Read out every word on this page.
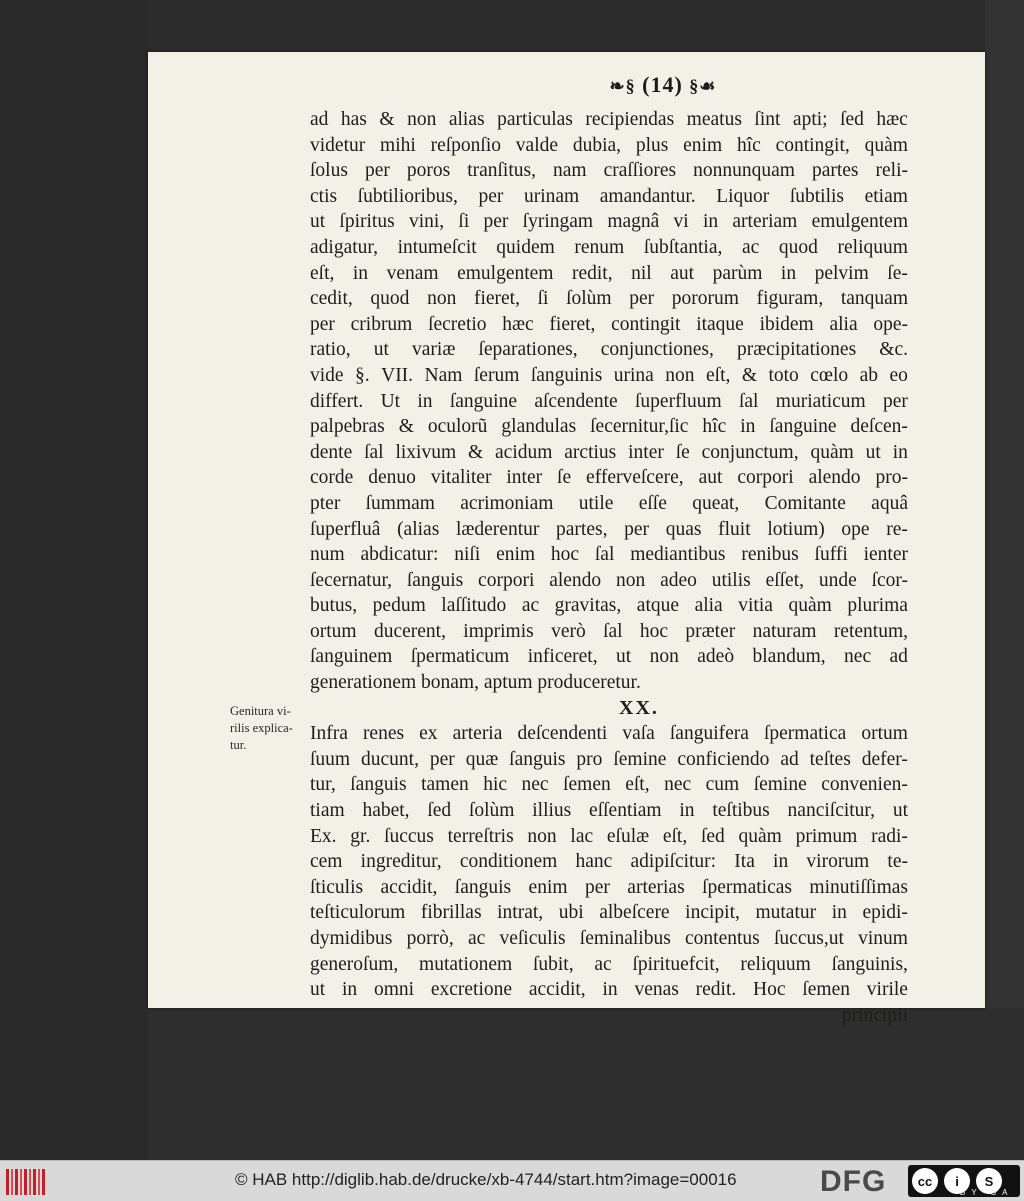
❧§ (14) §☙
ad has & non alias particulas recipiendas meatus ſint apti; ſed hæc
videtur mihi reſponſio valde dubia, plus enim hîc contingit, quàm
ſolus per poros tranſitus, nam craſſiores nonnunquam partes reli-
ctis ſubtilioribus, per urinam amandantur. Liquor ſubtilis etiam
ut ſpiritus vini, ſi per ſyringam magnâ vi in arteriam emulgentem
adigatur, intumeſcit quidem renum ſubſtantia, ac quod reliquum
eſt, in venam emulgentem redit, nil aut parùm in pelvim ſe-
cedit, quod non fieret, ſi ſolùm per pororum figuram, tanquam
per cribrum ſecretio hæc fieret, contingit itaque ibidem alia ope-
ratio, ut variæ ſeparationes, conjunctiones, præcipitationes &c.
vide §. VII. Nam ſerum ſanguinis urina non eſt, & toto cœlo ab eo
differt. Ut in ſanguine aſcendente ſuperfluum ſal muriaticum per
palpebras & oculorũ glandulas ſecernitur,ſic hîc in ſanguine deſcen-
dente ſal lixivum & acidum arctius inter ſe conjunctum, quàm ut in
corde denuo vitaliter inter ſe efferveſcere, aut corpori alendo pro-
pter ſummam acrimoniam utile eſſe queat, Comitante aquâ
ſuperfluâ (alias læderentur partes, per quas fluit lotium) ope re-
num abdicatur: niſi enim hoc ſal mediantibus renibus ſuffi ienter
ſecernatur, ſanguis corpori alendo non adeo utilis eſſet, unde ſcor-
butus, pedum laſſitudo ac gravitas, atque alia vitia quàm plurima
ortum ducerent, imprimis verò ſal hoc præter naturam retentum,
ſanguinem ſpermaticum inficeret, ut non adeò blandum, nec ad
generationem bonam, aptum produceretur.
XX.
Infra renes ex arteria deſcendenti vaſa ſanguifera ſpermatica ortum
ſuum ducunt, per quæ ſanguis pro ſemine conficiendo ad teſtes defer-
tur, ſanguis tamen hic nec ſemen eſt, nec cum ſemine convenien-
tiam habet, ſed ſolùm illius eſſentiam in teſtibus nanciſcitur, ut
Ex. gr. ſuccus terreſtris non lac eſulæ eſt, ſed quàm primum radi-
cem ingreditur, conditionem hanc adipiſcitur: Ita in virorum te-
ſticulis accidit, ſanguis enim per arterias ſpermaticas minutiſſimas
teſticulorum fibrillas intrat, ubi albeſcere incipit, mutatur in epidi-
dymidibus porrò, ac veſiculis ſeminalibus contentus ſuccus,ut vinum
generoſum, mutationem ſubit, ac ſpirituefcit, reliquum ſanguinis,
ut in omni excretione accidit, in venas redit. Hoc ſemen virile
principii
Genitura vi-
rilis explica-
tur.
© HAB http://diglib.hab.de/drucke/xb-4744/start.htm?image=00016	DFG	cc	i	S
BY SA
